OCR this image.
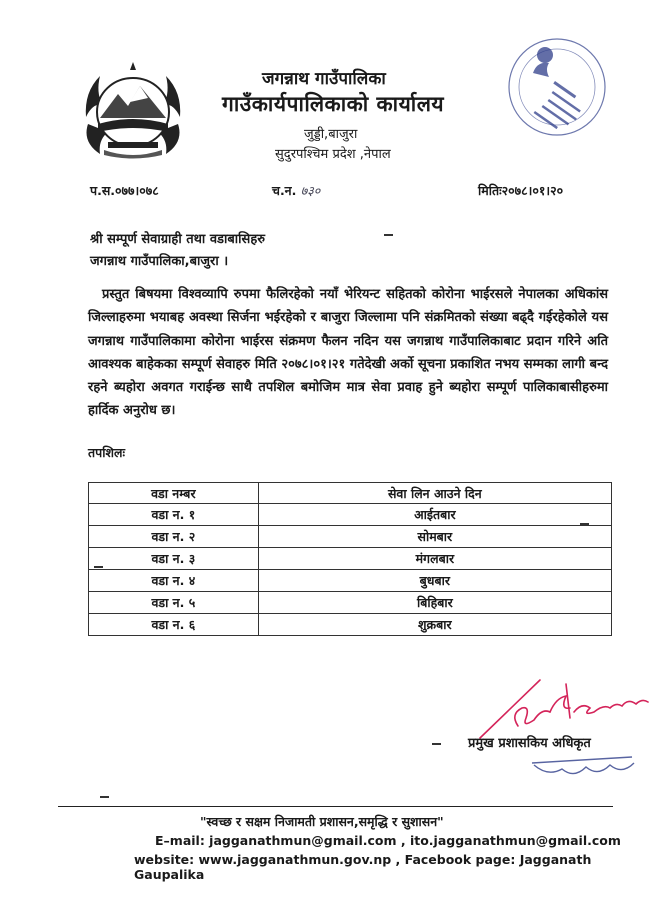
जगन्नाथ गाउँपालिका
गाउँकार्यपालिकाको कार्यालय
जुड्डी,बाजुरा
सुदुरपश्चिम प्रदेश ,नेपाल
प.स.०७७।०७८	च.न. ७३०	मितिः२०७८।०१।२०
श्री सम्पूर्ण सेवाग्राही तथा वडाबासिहरु
जगन्नाथ गाउँपालिका,बाजुरा ।
प्रस्तुत बिषयमा विश्वव्यापि रुपमा फैलिरहेको नयाँ भेरियन्ट सहितको कोरोना भाईरसले नेपालका अधिकांस जिल्लाहरुमा भयाबह अवस्था सिर्जना भईरहेको र बाजुरा जिल्लामा पनि संक्रमितको संख्या बढ्दै गईरहेकोले यस जगन्नाथ गाउँपालिकामा कोरोना भाईरस संक्रमण फैलन नदिन यस जगन्नाथ गाउँपालिकाबाट प्रदान गरिने अति आवश्यक बाहेकका सम्पूर्ण सेवाहरु मिति २०७८।०१।२१ गतेदेखी अर्को सूचना प्रकाशित नभय सम्मका लागी बन्द रहने ब्यहोरा अवगत गराईन्छ साथै तपशिल बमोजिम मात्र सेवा प्रवाह हुने ब्यहोरा सम्पूर्ण पालिकाबासीहरुमा हार्दिक अनुरोध छ।
तपशिलः
वडा नम्बर	सेवा लिन आउने दिन
वडा न. १	आईतबार
वडा न. २	सोमबार
वडा न. ३	मंगलबार
वडा न. ४	बुधबार
वडा न. ५	बिहिबार
वडा न. ६	शुक्रबार
प्रमुख प्रशासकिय अधिकृत
"स्वच्छ र सक्षम निजामती प्रशासन,समृद्धि र सुशासन"
E–mail: jagganathmun@gmail.com , ito.jagganathmun@gmail.com
website: www.jagganathmun.gov.np , Facebook page: Jagganath Gaupalika
